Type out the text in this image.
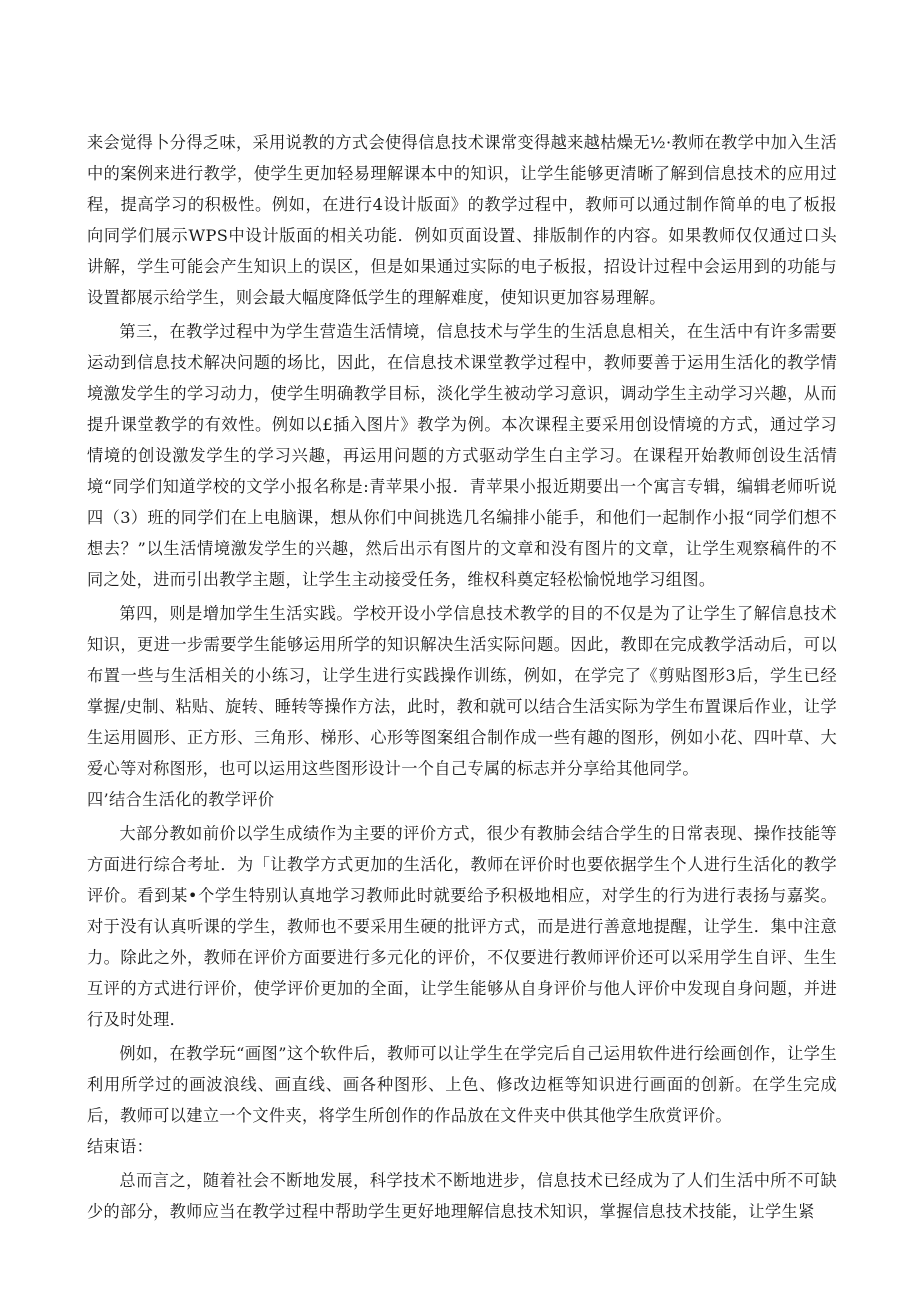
来会觉得卜分得乏味，采用说教的方式会使得信息技术课常变得越来越枯燥无½·教师在教学中加入生活中的案例来进行教学，使学生更加轻易理解课本中的知识，让学生能够更清晰了解到信息技术的应用过程，提高学习的积极性。例如，在进行4设计版面》的教学过程中，教师可以通过制作简单的电了板报向同学们展示WPS中设计版面的相关功能．例如页面设置、排版制作的内容。如果教师仅仅通过口头讲解，学生可能会产生知识上的误区，但是如果通过实际的电子板报，招设计过程中会运用到的功能与设置都展示给学生，则会最大幅度降低学生的理解难度，使知识更加容易理解。

第三，在教学过程中为学生营造生活情境，信息技术与学生的生活息息相关，在生活中有许多需要运动到信息技术解决问题的场比，因此，在信息技术课堂教学过程中，教师要善于运用生活化的教学情境激发学生的学习动力，使学生明确教学目标，淡化学生被动学习意识，调动学生主动学习兴趣，从而提升课堂教学的有效性。例如以£插入图片》教学为例。本次课程主要采用创设情境的方式，通过学习情境的创设激发学生的学习兴趣，再运用问题的方式驱动学生白主学习。在课程开始教师创设生活情境“同学们知道学校的文学小报名称是:青苹果小报．青苹果小报近期要出一个寓言专辑，编辑老师听说四（3）班的同学们在上电脑课，想从你们中间挑选几名编排小能手，和他们一起制作小报“同学们想不想去？”以生活情境激发学生的兴趣，然后出示有图片的文章和没有图片的文章，让学生观察稿件的不同之处，进而引出教学主题，让学生主动接受任务，维权科奠定轻松愉悦地学习组图。

第四，则是增加学生生活实践。学校开设小学信息技术教学的目的不仅是为了让学生了解信息技术知识，更进一步需要学生能够运用所学的知识解决生活实际问题。因此，教即在完成教学活动后，可以布置一些与生活相关的小练习，让学生进行实践操作训练，例如，在学完了《剪贴图形3后，学生已经掌握/史制、粘贴、旋转、睡转等操作方法，此时，教和就可以结合生活实际为学生布置课后作业，让学生运用圆形、正方形、三角形、梯形、心形等图案组合制作成一些有趣的图形，例如小花、四叶草、大爱心等对称图形，也可以运用这些图形设计一个自己专属的标志并分享给其他同学。

四’结合生活化的教学评价

大部分教如前价以学生成绩作为主要的评价方式，很少有教肺会结合学生的日常表现、操作技能等方面进行综合考址．为「让教学方式更加的生活化，教师在评价时也要依据学生个人进行生活化的教学评价。看到某•个学生特别认真地学习教师此时就要给予积极地相应，对学生的行为进行表扬与嘉奖。对于没有认真听课的学生，教师也不要采用生硬的批评方式，而是进行善意地提醒，让学生．集中注意力。除此之外，教师在评价方面要进行多元化的评价，不仅要进行教师评价还可以采用学生自评、生生互评的方式进行评价，使学评价更加的全面，让学生能够从自身评价与他人评价中发现自身问题，并进行及时处理．

例如，在教学玩“画图”这个软件后，教师可以让学生在学完后自己运用软件进行绘画创作，让学生利用所学过的画波浪线、画直线、画各种图形、上色、修改边框等知识进行画面的创新。在学生完成后，教师可以建立一个文件夹，将学生所创作的作品放在文件夹中供其他学生欣赏评价。

结束语：

总而言之，随着社会不断地发展，科学技术不断地进步，信息技术已经成为了人们生活中所不可缺少的部分，教师应当在教学过程中帮助学生更好地理解信息技术知识，掌握信息技术技能，让学生紧
